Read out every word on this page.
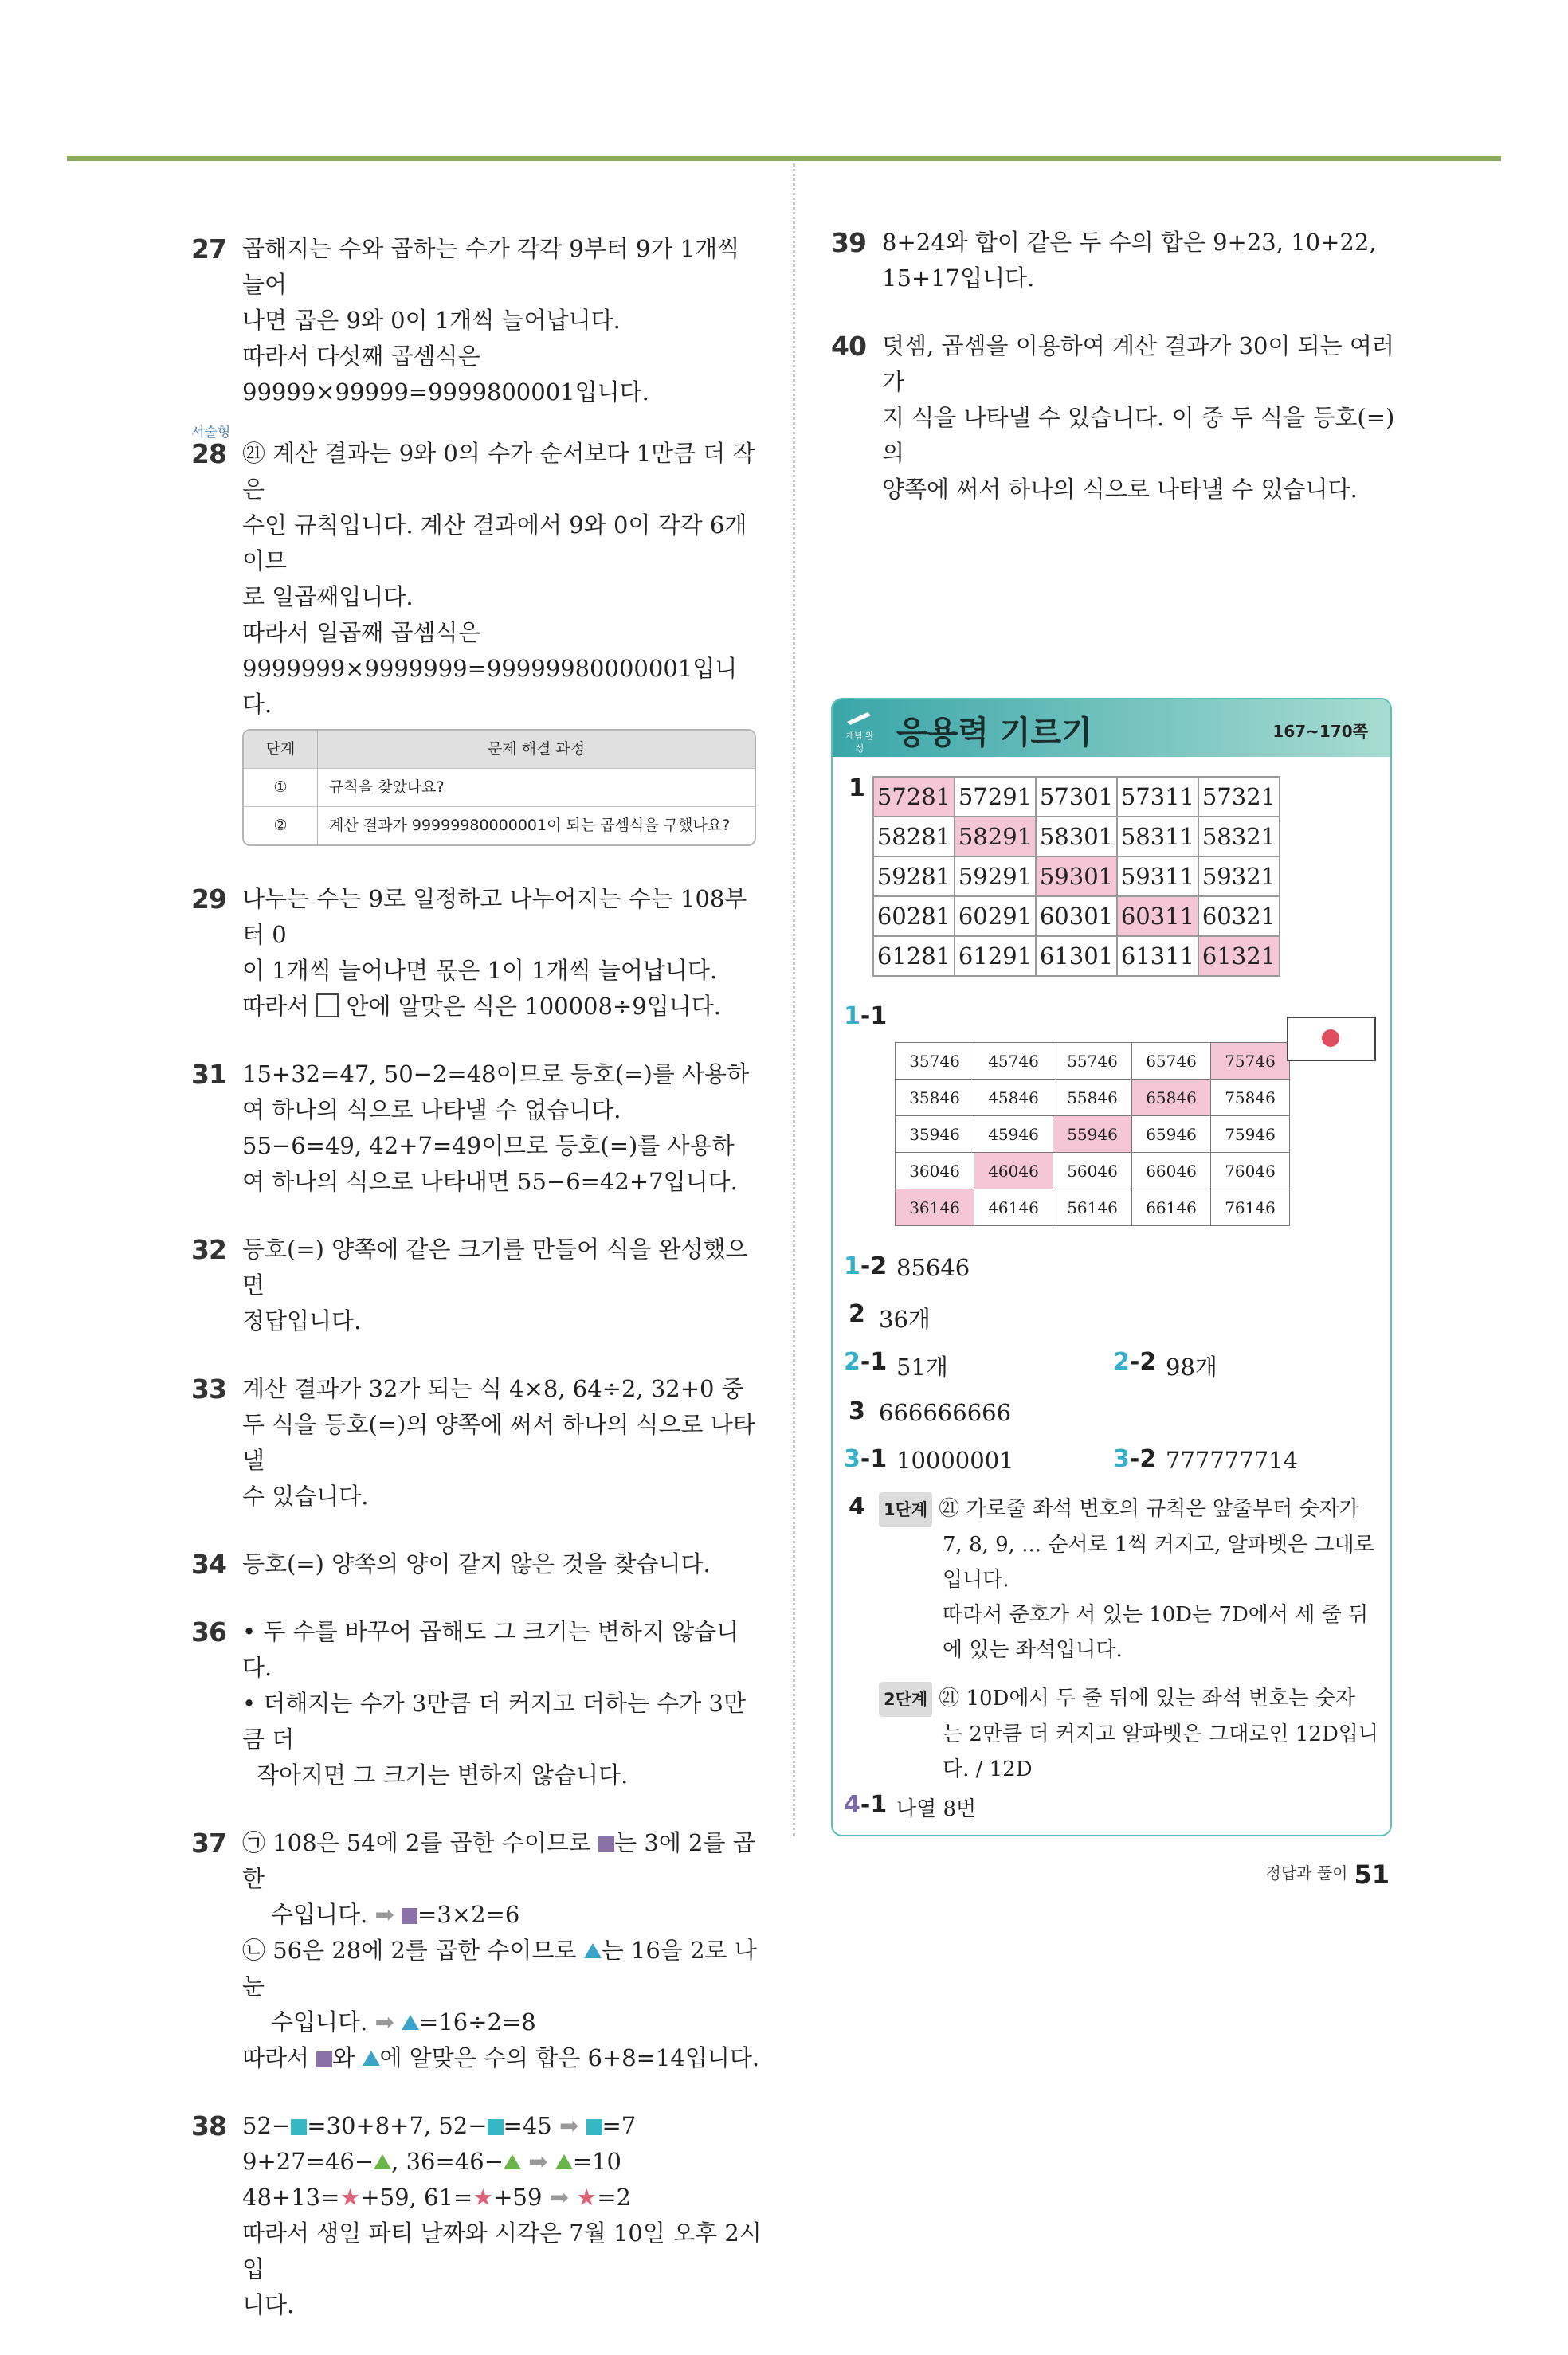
27 곱해지는 수와 곱하는 수가 각각 9부터 9가 1개씩 늘어

나면 곱은 9와 0이 1개씩 늘어납니다.

따라서 다섯째 곱셈식은

99999×99999=9999800001입니다.

서술형
28 ㉑ 계산 결과는 9와 0의 수가 순서보다 1만큼 더 작은

수인 규칙입니다. 계산 결과에서 9와 0이 각각 6개이므

로 일곱째입니다.

따라서 일곱째 곱셈식은

9999999×9999999=99999980000001입니다.

단계	문제 해결 과정
①	규칙을 찾았나요?
②	계산 결과가 99999980000001이 되는 곱셈식을 구했나요?
29 나누는 수는 9로 일정하고 나누어지는 수는 108부터 0

이 1개씩 늘어나면 몫은 1이 1개씩 늘어납니다.

따라서  안에 알맞은 식은 100008÷9입니다.

31 15+32=47, 50−2=48이므로 등호(=)를 사용하

여 하나의 식으로 나타낼 수 없습니다.

55−6=49, 42+7=49이므로 등호(=)를 사용하

여 하나의 식으로 나타내면 55−6=42+7입니다.

32 등호(=) 양쪽에 같은 크기를 만들어 식을 완성했으면

정답입니다.

33 계산 결과가 32가 되는 식 4×8, 64÷2, 32+0 중

두 식을 등호(=)의 양쪽에 써서 하나의 식으로 나타낼

수 있습니다.

34 등호(=) 양쪽의 양이 같지 않은 것을 찾습니다.

36 • 두 수를 바꾸어 곱해도 그 크기는 변하지 않습니다.

• 더해지는 수가 3만큼 더 커지고 더하는 수가 3만큼 더

작아지면 그 크기는 변하지 않습니다.

37 ㉠ 108은 54에 2를 곱한 수이므로 는 3에 2를 곱한

수입니다. ➡ =3×2=6

㉡ 56은 28에 2를 곱한 수이므로 는 16을 2로 나눈

수입니다. ➡ =16÷2=8

따라서 와 에 알맞은 수의 합은 6+8=14입니다.

38 52− =30+8+7, 52− =45 ➡ =7

9+27=46− , 36=46− ➡ =10

48+13=★+59, 61=★+59 ➡ ★=2

따라서 생일 파티 날짜와 시각은 7월 10일 오후 2시입

니다.

39 8+24와 합이 같은 두 수의 합은 9+23, 10+22,

15+17입니다.

40 덧셈, 곱셈을 이용하여 계산 결과가 30이 되는 여러 가

지 식을 나타낼 수 있습니다. 이 중 두 식을 등호(=)의

양쪽에 써서 하나의 식으로 나타낼 수 있습니다.

개념 완성	응용력 기르기	167~170쪽
1 57281	57291	57301	57311	57321
58281	58291	58301	58311	58321
59281	59291	59301	59311	59321
60281	60291	60301	60311	60321
61281	61291	61301	61311	61321
1-1
35746	45746	55746	65746	75746
35846	45846	55846	65846	75846
35946	45946	55946	65946	75946
36046	46046	56046	66046	76046
36146	46146	56146	66146	76146
1-2 85646
2 36개
2-1 51개	2-2 98개
3 666666666
3-1 10000001	3-2 777777714
4 1단계 ㉑ 가로줄 좌석 번호의 규칙은 앞줄부터 숫자가
7, 8, 9, ... 순서로 1씩 커지고, 알파벳은 그대로
입니다.
따라서 준호가 서 있는 10D는 7D에서 세 줄 뒤
에 있는 좌석입니다.
2단계 ㉑ 10D에서 두 줄 뒤에 있는 좌석 번호는 숫자
는 2만큼 더 커지고 알파벳은 그대로인 12D입니
다. / 12D
4-1 나열 8번
정답과 풀이 51
